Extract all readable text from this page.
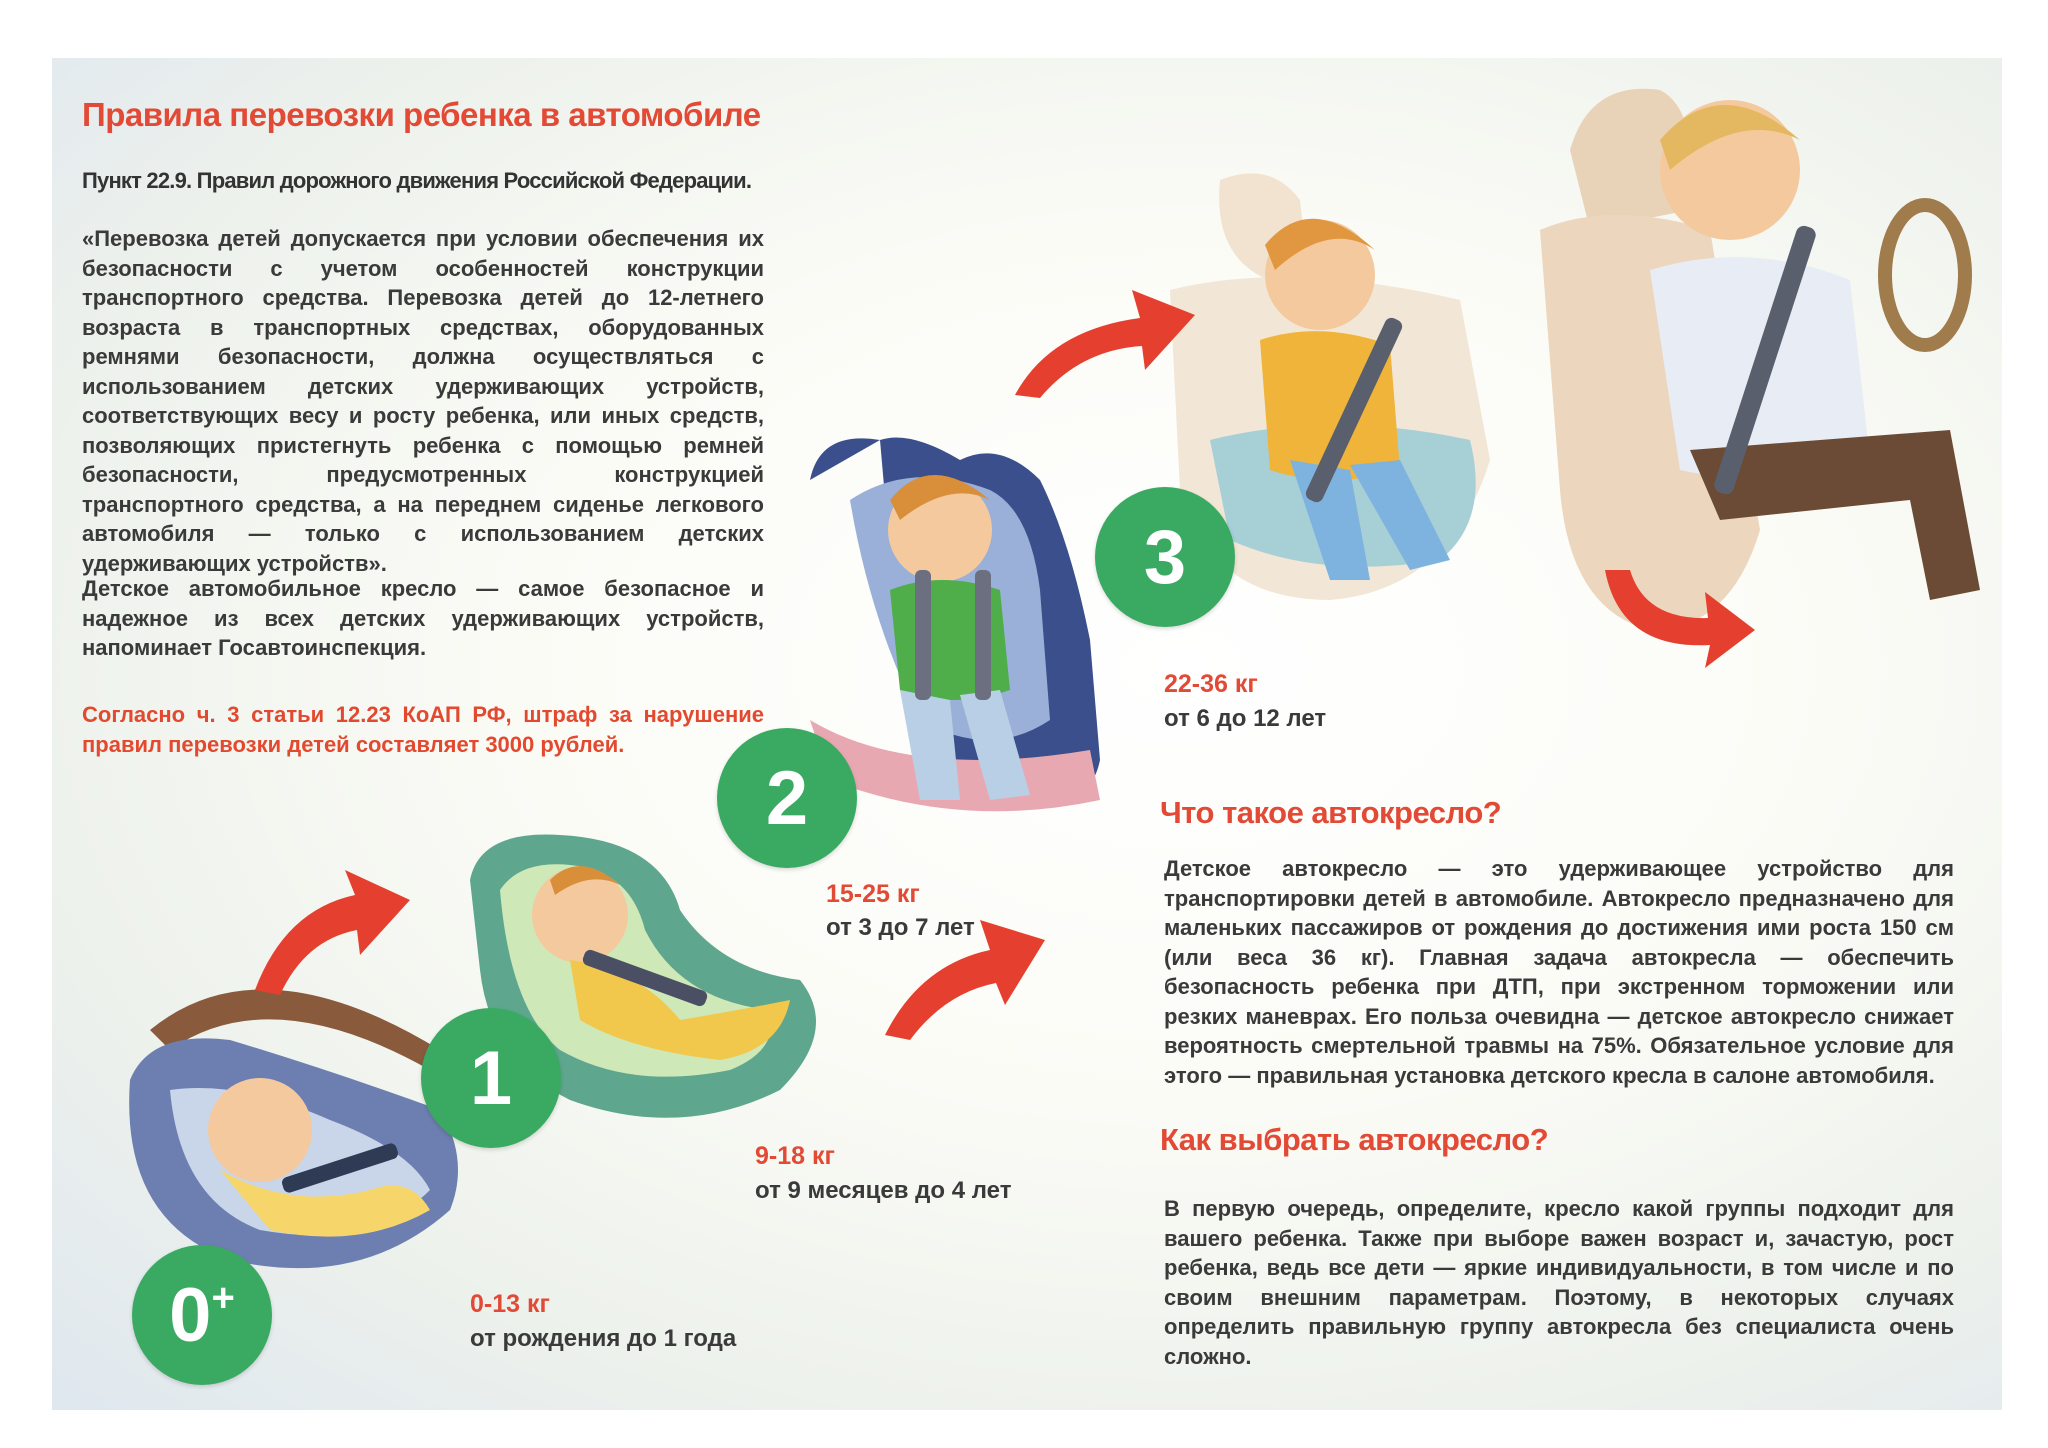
Правила перевозки ребенка в автомобиле
Пункт 22.9. Правил дорожного движения Российской Федерации.
«Перевозка детей допускается при условии обеспечения их безопасности с учетом особенностей конструкции транспортного средства. Перевозка детей до 12-летнего возраста в транспортных средствах, оборудованных ремнями безопасности, должна осуществляться с использованием детских удерживающих устройств, соответствующих весу и росту ребенка, или иных средств, позволяющих пристегнуть ребенка с помощью ремней безопасности, предусмотренных конструкцией транспортного средства, а на переднем сиденье легкового автомобиля — только с использованием детских удерживающих устройств».
Детское автомобильное кресло — самое безопасное и надежное из всех детских удерживающих устройств, напоминает Госавтоинспекция.
Согласно ч. 3 статьи 12.23 КоАП РФ, штраф за нарушение правил перевозки детей составляет 3000 рублей.
0+
1
2
3
0-13 кг
от рождения до 1 года
9-18 кг
от 9 месяцев до 4 лет
15-25 кг
от 3 до 7 лет
22-36 кг
от 6 до 12 лет
Что такое автокресло?
Детское автокресло — это удерживающее устройство для транспортировки детей в автомобиле. Автокресло предназначено для маленьких пассажиров от рождения до достижения ими роста 150 см (или веса 36 кг). Главная задача автокресла — обеспечить безопасность ребенка при ДТП, при экстренном торможении или резких маневрах. Его польза очевидна — детское автокресло снижает вероятность смертельной травмы на 75%. Обязательное условие для этого — правильная установка детского кресла в салоне автомобиля.
Как выбрать автокресло?
В первую очередь, определите, кресло какой группы подходит для вашего ребенка. Также при выборе важен возраст и, зачастую, рост ребенка, ведь все дети — яркие индивидуальности, в том числе и по своим внешним параметрам. Поэтому, в некоторых случаях определить правильную группу автокресла без специалиста очень сложно.
